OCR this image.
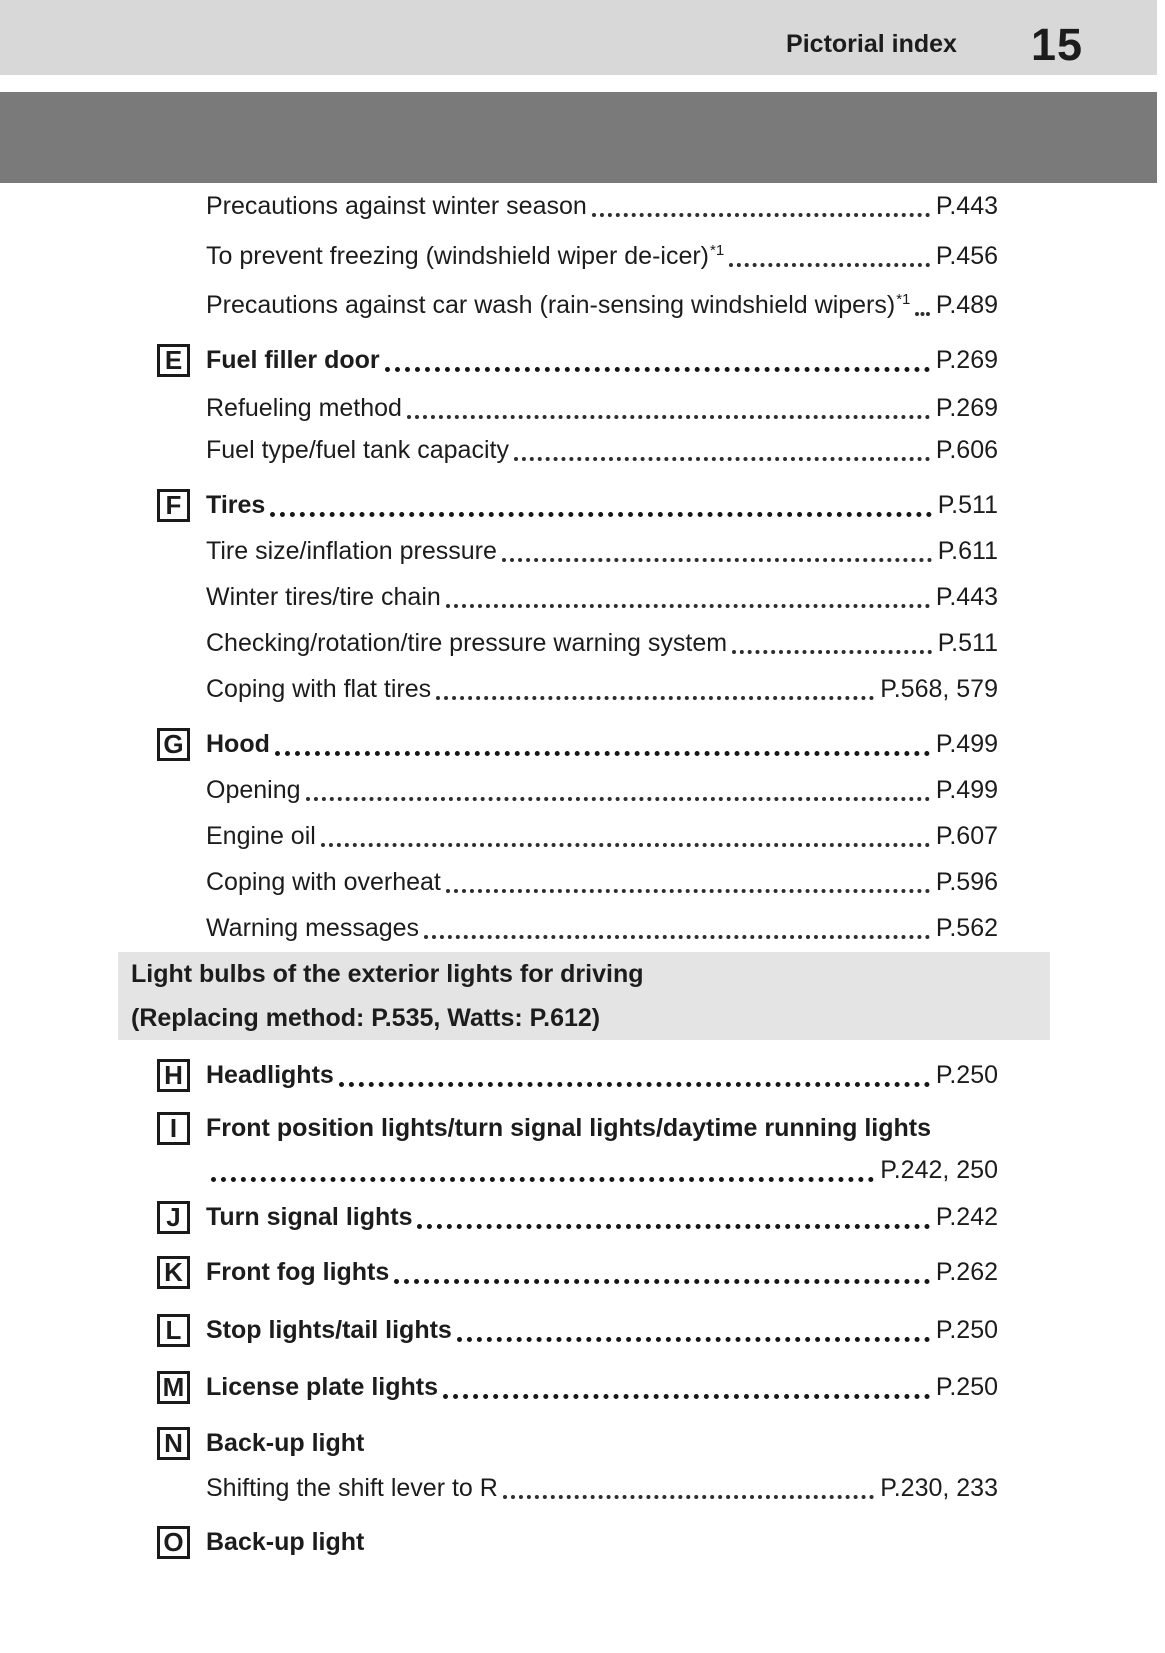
Pictorial index 15
Precautions against winter season	P.443
To prevent freezing (windshield wiper de-icer)$^{*1}$	P.456
Precautions against car wash (rain-sensing windshield wipers)$^{*1}$ P.489
E Fuel filler door	P.269
Refueling method	P.269
Fuel type/fuel tank capacity	P.606
F Tires	P.511
Tire size/inflation pressure	P.611
Winter tires/tire chain	P.443
Checking/rotation/tire pressure warning system	P.511
Coping with flat tires	P.568, 579
G Hood	P.499
Opening	P.499
Engine oil	P.607
Coping with overheat	P.596
Warning messages	P.562
H Headlights	P.250
I	Front position lights/turn signal lights/daytime running lights
P.242, 250
J	Turn signal lights	P.242
K Front fog lights	P.262
L Stop lights/tail lights	P.250
M License plate lights	P.250
N Back-up light
Shifting the shift lever to R	P.230, 233
O Back-up light
Light bulbs of the exterior lights for driving
(Replacing method: P.535, Watts: P.612)
